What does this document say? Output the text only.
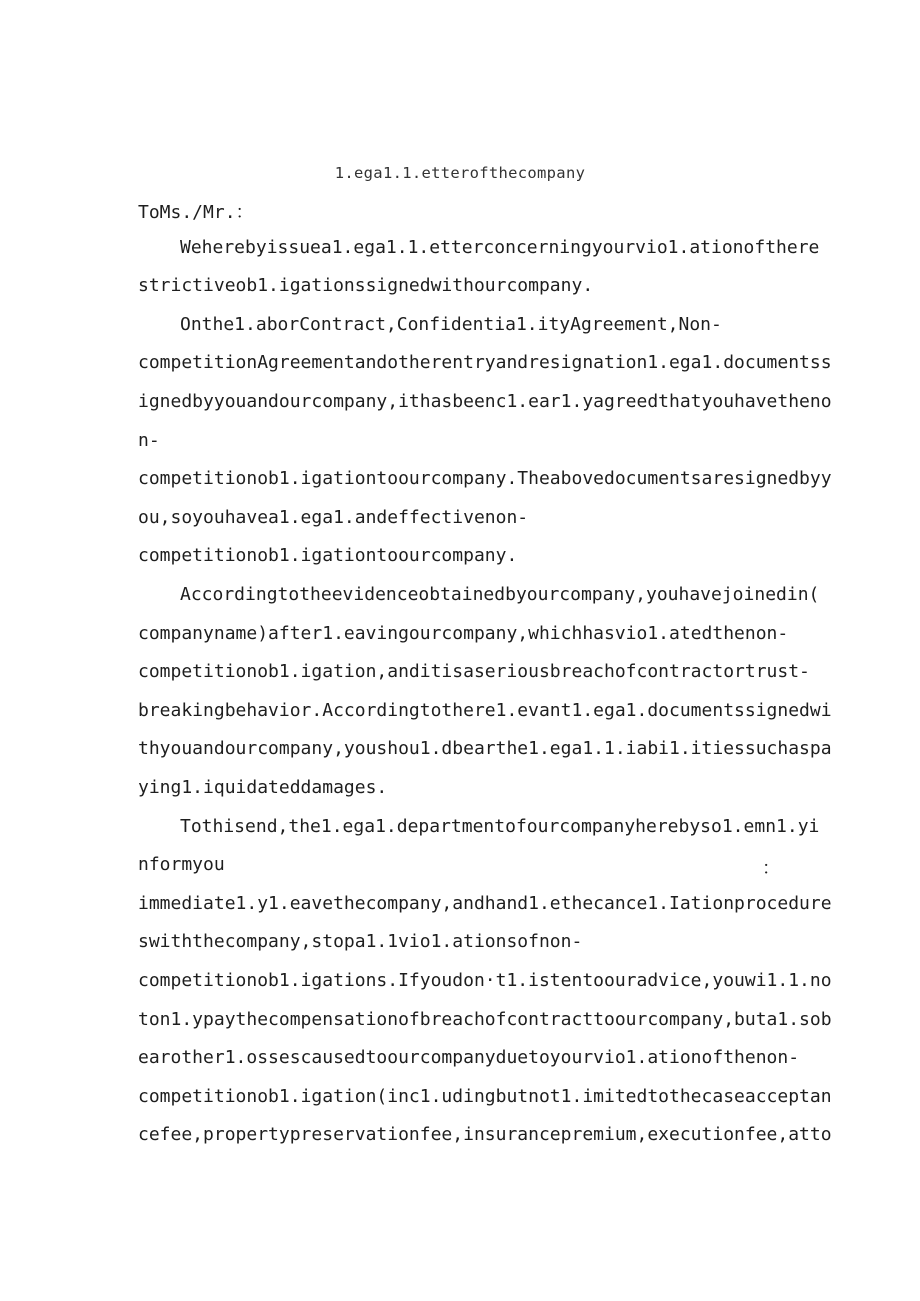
1.ega1.1.etterofthecompany
ToMs./Mr.：
Weherebyissuea1.ega1.1.etterconcerningyourvio1.ationofthere
strictiveob1.igationssignedwithourcompany.
Onthe1.aborContract,Confidentia1.ityAgreement,Non-
competitionAgreementandotherentryandresignation1.ega1.documentss
ignedbyyouandourcompany,ithasbeenc1.ear1.yagreedthatyouhavetheno
n-
competitionob1.igationtoourcompany.Theabovedocumentsaresignedbyy
ou,soyouhavea1.ega1.andeffectivenon-
competitionob1.igationtoourcompany.
Accordingtotheevidenceobtainedbyourcompany,youhavejoinedin(
companyname)after1.eavingourcompany,whichhasvio1.atedthenon-
competitionob1.igation,anditisaseriousbreachofcontractortrust-
breakingbehavior.Accordingtothere1.evant1.ega1.documentssignedwi
thyouandourcompany,youshou1.dbearthe1.ega1.1.iabi1.itiessuchaspa
ying1.iquidateddamages.
Tothisend,the1.ega1.departmentofourcompanyherebyso1.emn1.yi
nformyou	：
immediate1.y1.eavethecompany,andhand1.ethecance1.Iationprocedure
swiththecompany,stopa1.1vio1.ationsofnon-
competitionob1.igations.Ifyoudon·t1.istentoouradvice,youwi1.1.no
ton1.ypaythecompensationofbreachofcontracttoourcompany,buta1.sob
earother1.ossescausedtoourcompanyduetoyourvio1.ationofthenon-
competitionob1.igation(inc1.udingbutnot1.imitedtothecaseacceptan
cefee,propertypreservationfee,insurancepremium,executionfee,atto
